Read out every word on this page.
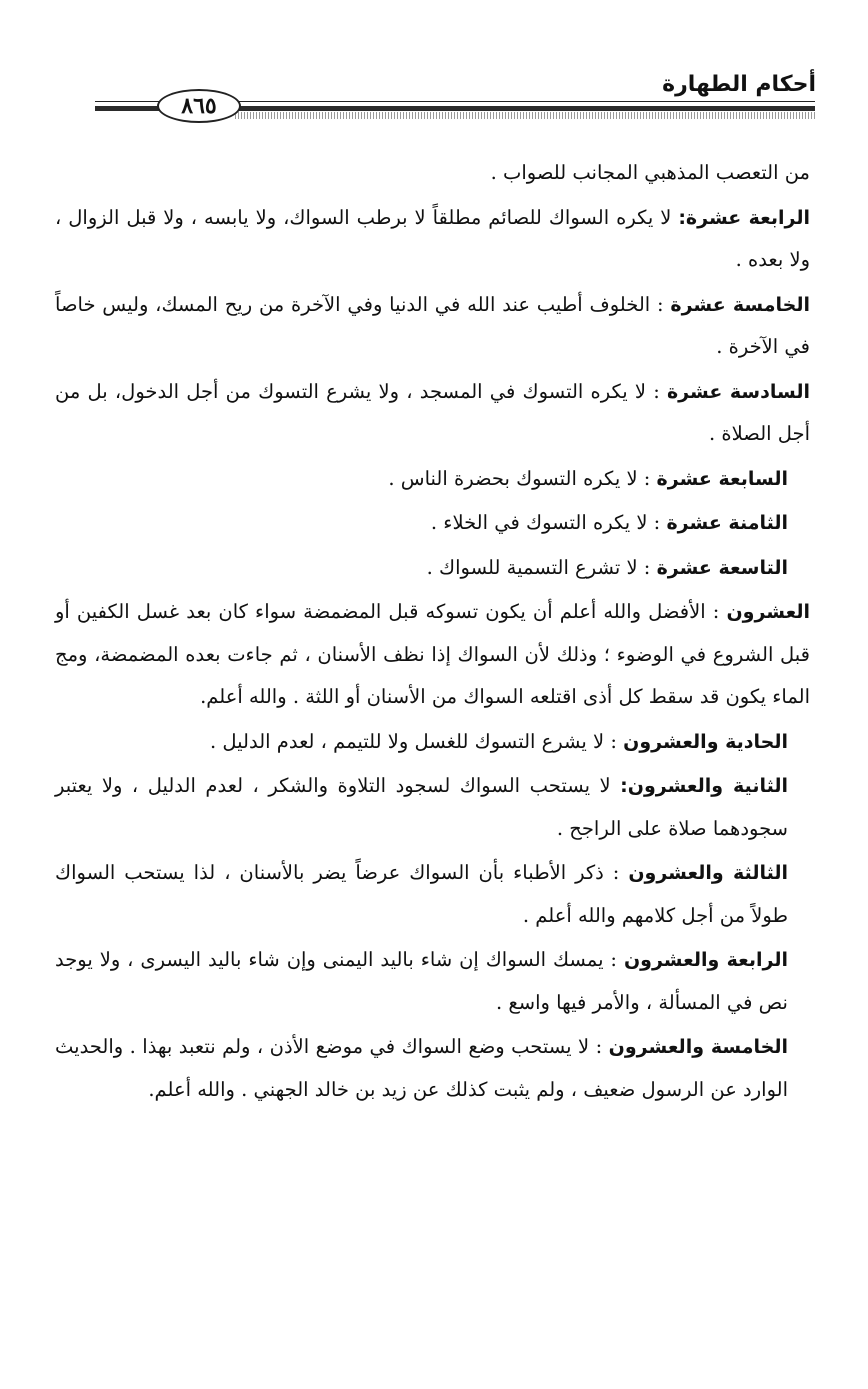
أحكام الطهارة
٨٦٥

من التعصب المذهبي المجانب للصواب .

الرابعة عشرة: لا يكره السواك للصائم مطلقاً لا برطب السواك، ولا يابسه ، ولا قبل الزوال ، ولا بعده .

الخامسة عشرة : الخلوف أطيب عند الله في الدنيا وفي الآخرة من ريح المسك، وليس خاصاً في الآخرة .

السادسة عشرة : لا يكره التسوك في المسجد ، ولا يشرع التسوك من أجل الدخول، بل من أجل الصلاة .

السابعة عشرة : لا يكره التسوك بحضرة الناس .

الثامنة عشرة : لا يكره التسوك في الخلاء .

التاسعة عشرة : لا تشرع التسمية للسواك .

العشرون : الأفضل والله أعلم أن يكون تسوكه قبل المضمضة سواء كان بعد غسل الكفين أو قبل الشروع في الوضوء ؛ وذلك لأن السواك إذا نظف الأسنان ، ثم جاءت بعده المضمضة، ومج الماء يكون قد سقط كل أذى اقتلعه السواك من الأسنان أو اللثة . والله أعلم.

الحادية والعشرون : لا يشرع التسوك للغسل ولا للتيمم ، لعدم الدليل .

الثانية والعشرون: لا يستحب السواك لسجود التلاوة والشكر ، لعدم الدليل ، ولا يعتبر سجودهما صلاة على الراجح .

الثالثة والعشرون : ذكر الأطباء بأن السواك عرضاً يضر بالأسنان ، لذا يستحب السواك طولاً من أجل كلامهم والله أعلم .

الرابعة والعشرون : يمسك السواك إن شاء باليد اليمنى وإن شاء باليد اليسرى ، ولا يوجد نص في المسألة ، والأمر فيها واسع .

الخامسة والعشرون : لا يستحب وضع السواك في موضع الأذن ، ولم نتعبد بهذا . والحديث الوارد عن الرسول ضعيف ، ولم يثبت كذلك عن زيد بن خالد الجهني . والله أعلم.
